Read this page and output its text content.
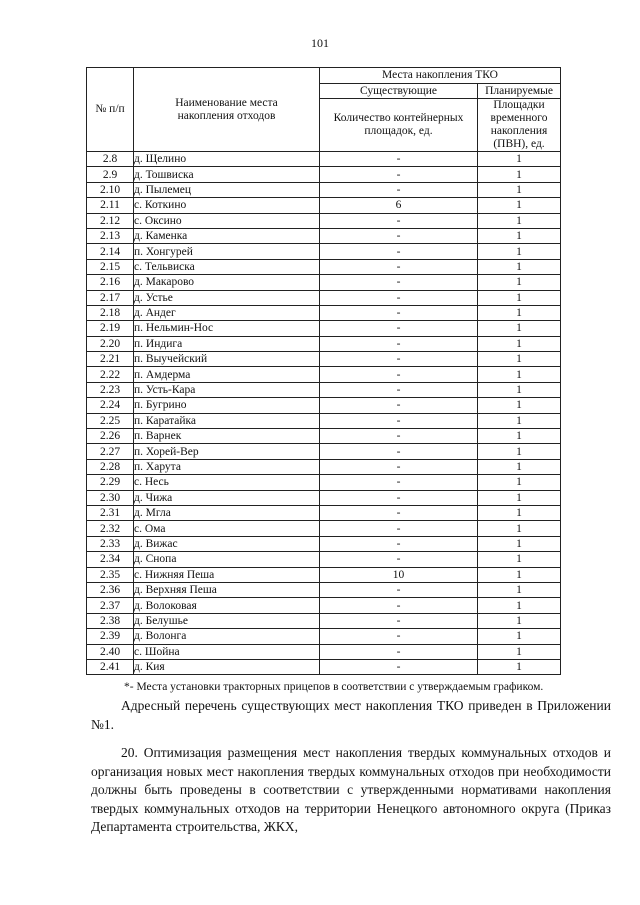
101
№ п/п	Наименование места накопления отходов	Места накопления ТКО	
		Существующие	Планируемые
		Количество контейнерных площадок, ед.	Площадки временного накопления (ПВН), ед.
2.8	д. Щелино	-	1
2.9	д. Тошвиска	-	1
2.10	д. Пылемец	-	1
2.11	с. Коткино	6	1
2.12	с. Оксино	-	1
2.13	д. Каменка	-	1
2.14	п. Хонгурей	-	1
2.15	с. Тельвиска	-	1
2.16	д. Макарово	-	1
2.17	д. Устье	-	1
2.18	д. Андег	-	1
2.19	п. Нельмин-Нос	-	1
2.20	п. Индига	-	1
2.21	п. Выучейский	-	1
2.22	п. Амдерма	-	1
2.23	п. Усть-Кара	-	1
2.24	п. Бугрино	-	1
2.25	п. Каратайка	-	1
2.26	п. Варнек	-	1
2.27	п. Хорей-Вер	-	1
2.28	п. Харута	-	1
2.29	с. Несь	-	1
2.30	д. Чижа	-	1
2.31	д. Мгла	-	1
2.32	с. Ома	-	1
2.33	д. Вижас	-	1
2.34	д. Снопа	-	1
2.35	с. Нижняя Пеша	10	1
2.36	д. Верхняя Пеша	-	1
2.37	д. Волоковая	-	1
2.38	д. Белушье	-	1
2.39	д. Волонга	-	1
2.40	с. Шойна	-	1
2.41	д. Кия	-	1
*- Места установки тракторных прицепов в соответствии с утверждаемым графиком.

Адресный перечень существующих мест накопления ТКО приведен в Приложении №1.

20. Оптимизация размещения мест накопления твердых коммунальных отходов и организация новых мест накопления твердых коммунальных отходов при необходимости должны быть проведены в соответствии с утвержденными нормативами накопления твердых коммунальных отходов на территории Ненецкого автономного округа (Приказ Департамента строительства, ЖКХ,
